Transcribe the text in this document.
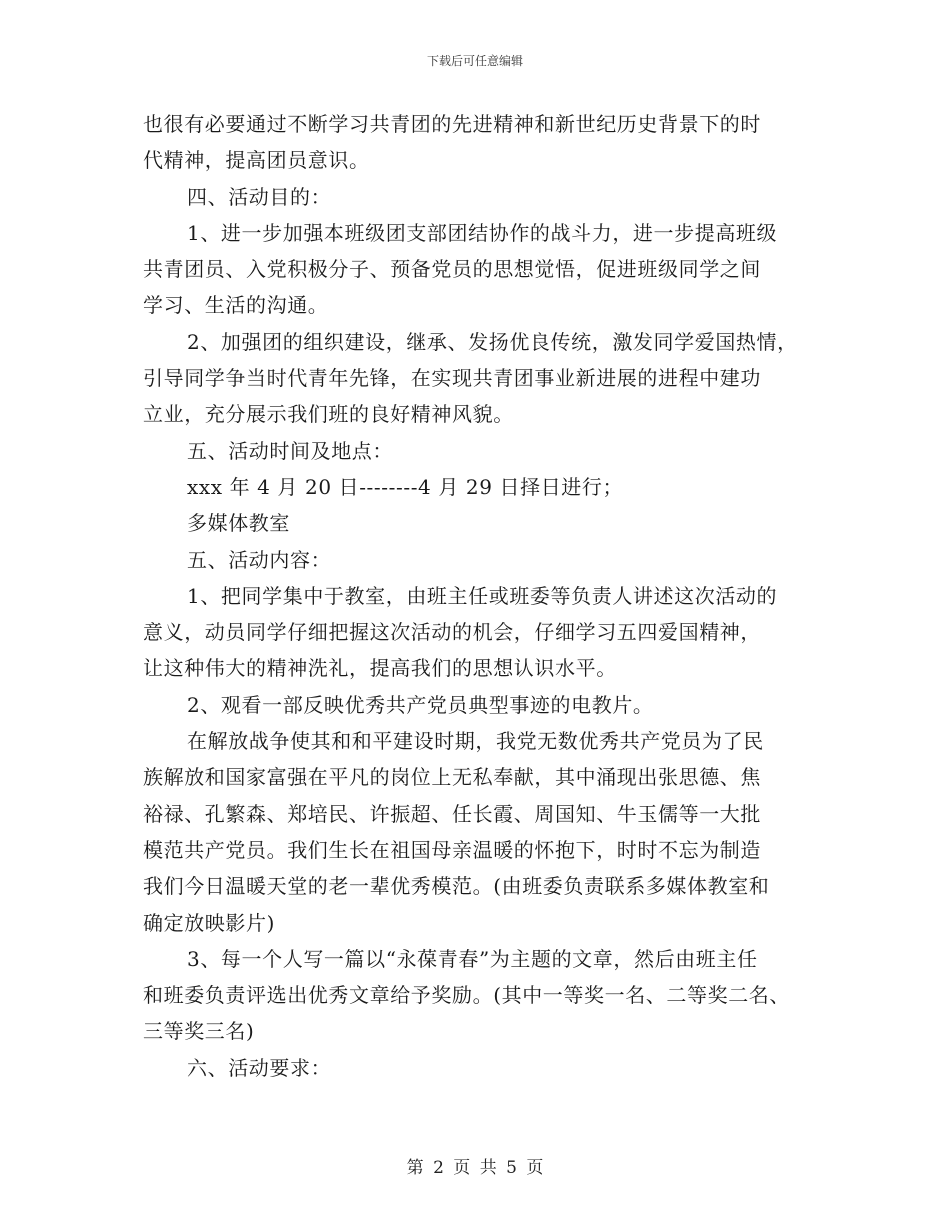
下载后可任意编辑
也很有必要通过不断学习共青团的先进精神和新世纪历史背景下的时
代精神，提高团员意识。
四、活动目的：
1、进一步加强本班级团支部团结协作的战斗力，进一步提高班级
共青团员、入党积极分子、预备党员的思想觉悟，促进班级同学之间
学习、生活的沟通。
2、加强团的组织建设，继承、发扬优良传统，激发同学爱国热情，
引导同学争当时代青年先锋，在实现共青团事业新进展的进程中建功
立业，充分展示我们班的良好精神风貌。
五、活动时间及地点：
xxx 年 4 月 20 日--------4 月 29 日择日进行；
多媒体教室
五、活动内容：
1、把同学集中于教室，由班主任或班委等负责人讲述这次活动的
意义，动员同学仔细把握这次活动的机会，仔细学习五四爱国精神，
让这种伟大的精神洗礼，提高我们的思想认识水平。
2、观看一部反映优秀共产党员典型事迹的电教片。
在解放战争使其和和平建设时期，我党无数优秀共产党员为了民
族解放和国家富强在平凡的岗位上无私奉献，其中涌现出张思德、焦
裕禄、孔繁森、郑培民、许振超、任长霞、周国知、牛玉儒等一大批
模范共产党员。我们生长在祖国母亲温暖的怀抱下，时时不忘为制造
我们今日温暖天堂的老一辈优秀模范。(由班委负责联系多媒体教室和
确定放映影片)
3、每一个人写一篇以“永葆青春”为主题的文章，然后由班主任
和班委负责评选出优秀文章给予奖励。(其中一等奖一名、二等奖二名、
三等奖三名)
六、活动要求：
第 2 页 共 5 页
